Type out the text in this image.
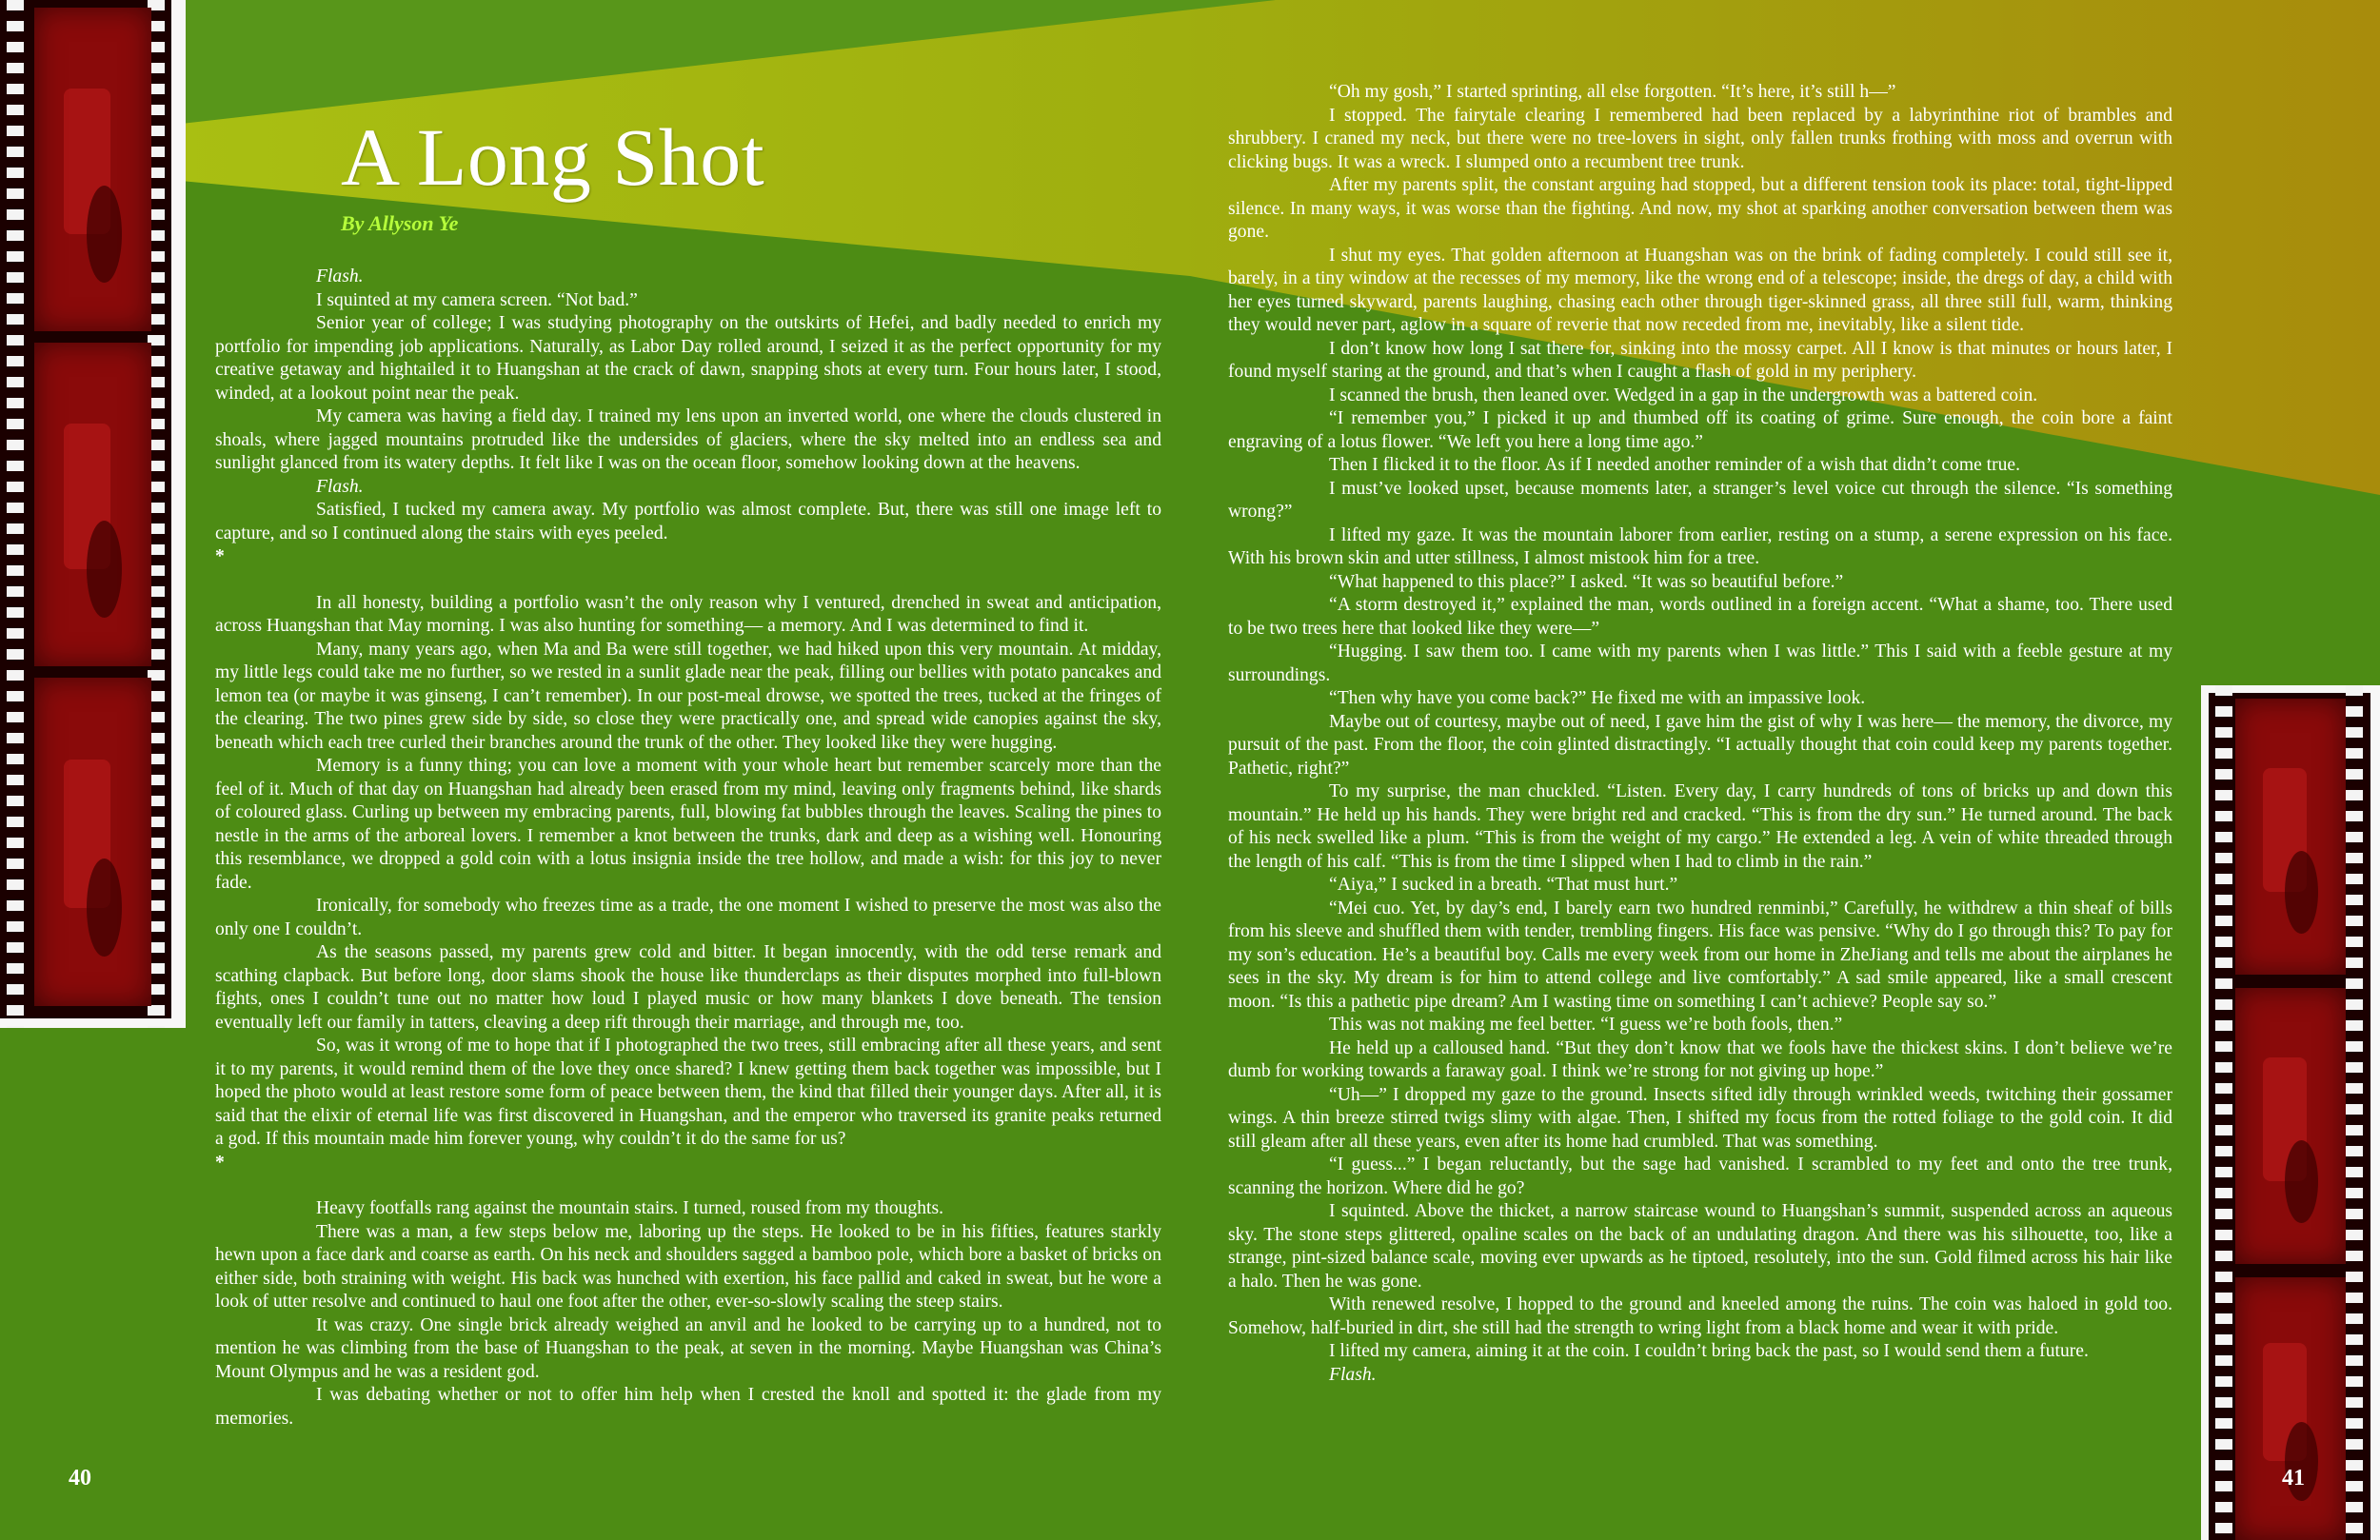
A Long Shot
By Allyson Ye

Flash.

I squinted at my camera screen. “Not bad.”

Senior year of college; I was studying photography on the outskirts of Hefei, and badly needed to enrich my portfolio for impending job applications. Naturally, as Labor Day rolled around, I seized it as the perfect opportunity for my creative getaway and hightailed it to Huangshan at the crack of dawn, snapping shots at every turn. Four hours later, I stood, winded, at a lookout point near the peak.

My camera was having a field day. I trained my lens upon an inverted world, one where the clouds clustered in shoals, where jagged mountains protruded like the undersides of glaciers, where the sky melted into an endless sea and sunlight glanced from its watery depths. It felt like I was on the ocean floor, somehow looking down at the heavens.

Flash.

Satisfied, I tucked my camera away. My portfolio was almost complete. But, there was still one image left to capture, and so I continued along the stairs with eyes peeled.

*

In all honesty, building a portfolio wasn’t the only reason why I ventured, drenched in sweat and anticipation, across Huangshan that May morning. I was also hunting for something— a memory. And I was determined to find it.

Many, many years ago, when Ma and Ba were still together, we had hiked upon this very mountain. At midday, my little legs could take me no further, so we rested in a sunlit glade near the peak, filling our bellies with potato pancakes and lemon tea (or maybe it was ginseng, I can’t remember). In our post-meal drowse, we spotted the trees, tucked at the fringes of the clearing. The two pines grew side by side, so close they were practically one, and spread wide canopies against the sky, beneath which each tree curled their branches around the trunk of the other. They looked like they were hugging.

Memory is a funny thing; you can love a moment with your whole heart but remember scarcely more than the feel of it. Much of that day on Huangshan had already been erased from my mind, leaving only fragments behind, like shards of coloured glass. Curling up between my embracing parents, full, blowing fat bubbles through the leaves. Scaling the pines to nestle in the arms of the arboreal lovers. I remember a knot between the trunks, dark and deep as a wishing well. Honouring this resemblance, we dropped a gold coin with a lotus insignia inside the tree hollow, and made a wish: for this joy to never fade.

Ironically, for somebody who freezes time as a trade, the one moment I wished to preserve the most was also the only one I couldn’t.

As the seasons passed, my parents grew cold and bitter. It began innocently, with the odd terse remark and scathing clapback. But before long, door slams shook the house like thunderclaps as their disputes morphed into full-blown fights, ones I couldn’t tune out no matter how loud I played music or how many blankets I dove beneath. The tension eventually left our family in tatters, cleaving a deep rift through their marriage, and through me, too.

So, was it wrong of me to hope that if I photographed the two trees, still embracing after all these years, and sent it to my parents, it would remind them of the love they once shared? I knew getting them back together was impossible, but I hoped the photo would at least restore some form of peace between them, the kind that filled their younger days. After all, it is said that the elixir of eternal life was first discovered in Huangshan, and the emperor who traversed its granite peaks returned a god. If this mountain made him forever young, why couldn’t it do the same for us?

*

Heavy footfalls rang against the mountain stairs. I turned, roused from my thoughts.

There was a man, a few steps below me, laboring up the steps. He looked to be in his fifties, features starkly hewn upon a face dark and coarse as earth. On his neck and shoulders sagged a bamboo pole, which bore a basket of bricks on either side, both straining with weight. His back was hunched with exertion, his face pallid and caked in sweat, but he wore a look of utter resolve and continued to haul one foot after the other, ever-so-slowly scaling the steep stairs.

It was crazy. One single brick already weighed an anvil and he looked to be carrying up to a hundred, not to mention he was climbing from the base of Huangshan to the peak, at seven in the morning. Maybe Huangshan was China’s Mount Olympus and he was a resident god.

I was debating whether or not to offer him help when I crested the knoll and spotted it: the glade from my memories.

“Oh my gosh,” I started sprinting, all else forgotten. “It’s here, it’s still h—”

I stopped. The fairytale clearing I remembered had been replaced by a labyrinthine riot of brambles and shrubbery. I craned my neck, but there were no tree-lovers in sight, only fallen trunks frothing with moss and overrun with clicking bugs. It was a wreck. I slumped onto a recumbent tree trunk.

After my parents split, the constant arguing had stopped, but a different tension took its place: total, tight-lipped silence. In many ways, it was worse than the fighting. And now, my shot at sparking another conversation between them was gone.

I shut my eyes. That golden afternoon at Huangshan was on the brink of fading completely. I could still see it, barely, in a tiny window at the recesses of my memory, like the wrong end of a telescope; inside, the dregs of day, a child with her eyes turned skyward, parents laughing, chasing each other through tiger-skinned grass, all three still full, warm, thinking they would never part, aglow in a square of reverie that now receded from me, inevitably, like a silent tide.

I don’t know how long I sat there for, sinking into the mossy carpet. All I know is that minutes or hours later, I found myself staring at the ground, and that’s when I caught a flash of gold in my periphery.

I scanned the brush, then leaned over. Wedged in a gap in the undergrowth was a battered coin.

“I remember you,” I picked it up and thumbed off its coating of grime. Sure enough, the coin bore a faint engraving of a lotus flower. “We left you here a long time ago.”

Then I flicked it to the floor. As if I needed another reminder of a wish that didn’t come true.

I must’ve looked upset, because moments later, a stranger’s level voice cut through the silence. “Is something wrong?”

I lifted my gaze. It was the mountain laborer from earlier, resting on a stump, a serene expression on his face. With his brown skin and utter stillness, I almost mistook him for a tree.

“What happened to this place?” I asked. “It was so beautiful before.”

“A storm destroyed it,” explained the man, words outlined in a foreign accent. “What a shame, too. There used to be two trees here that looked like they were—”

“Hugging. I saw them too. I came with my parents when I was little.” This I said with a feeble gesture at my surroundings.

“Then why have you come back?” He fixed me with an impassive look.

Maybe out of courtesy, maybe out of need, I gave him the gist of why I was here— the memory, the divorce, my pursuit of the past. From the floor, the coin glinted distractingly. “I actually thought that coin could keep my parents together. Pathetic, right?”

To my surprise, the man chuckled. “Listen. Every day, I carry hundreds of tons of bricks up and down this mountain.” He held up his hands. They were bright red and cracked. “This is from the dry sun.” He turned around. The back of his neck swelled like a plum. “This is from the weight of my cargo.” He extended a leg. A vein of white threaded through the length of his calf. “This is from the time I slipped when I had to climb in the rain.”

“Aiya,” I sucked in a breath. “That must hurt.”

“Mei cuo. Yet, by day’s end, I barely earn two hundred renminbi,” Carefully, he withdrew a thin sheaf of bills from his sleeve and shuffled them with tender, trembling fingers. His face was pensive. “Why do I go through this? To pay for my son’s education. He’s a beautiful boy. Calls me every week from our home in ZheJiang and tells me about the airplanes he sees in the sky. My dream is for him to attend college and live comfortably.” A sad smile appeared, like a small crescent moon. “Is this a pathetic pipe dream? Am I wasting time on something I can’t achieve? People say so.”

This was not making me feel better. “I guess we’re both fools, then.”

He held up a calloused hand. “But they don’t know that we fools have the thickest skins. I don’t believe we’re dumb for working towards a faraway goal. I think we’re strong for not giving up hope.”

“Uh—” I dropped my gaze to the ground. Insects sifted idly through wrinkled weeds, twitching their gossamer wings. A thin breeze stirred twigs slimy with algae. Then, I shifted my focus from the rotted foliage to the gold coin. It did still gleam after all these years, even after its home had crumbled. That was something.

“I guess...” I began reluctantly, but the sage had vanished. I scrambled to my feet and onto the tree trunk, scanning the horizon. Where did he go?

I squinted. Above the thicket, a narrow staircase wound to Huangshan’s summit, suspended across an aqueous sky. The stone steps glittered, opaline scales on the back of an undulating dragon. And there was his silhouette, too, like a strange, pint-sized balance scale, moving ever upwards as he tiptoed, resolutely, into the sun. Gold filmed across his hair like a halo. Then he was gone.

With renewed resolve, I hopped to the ground and kneeled among the ruins. The coin was haloed in gold too. Somehow, half-buried in dirt, she still had the strength to wring light from a black home and wear it with pride.

I lifted my camera, aiming it at the coin. I couldn’t bring back the past, so I would send them a future.

Flash.

40	41
